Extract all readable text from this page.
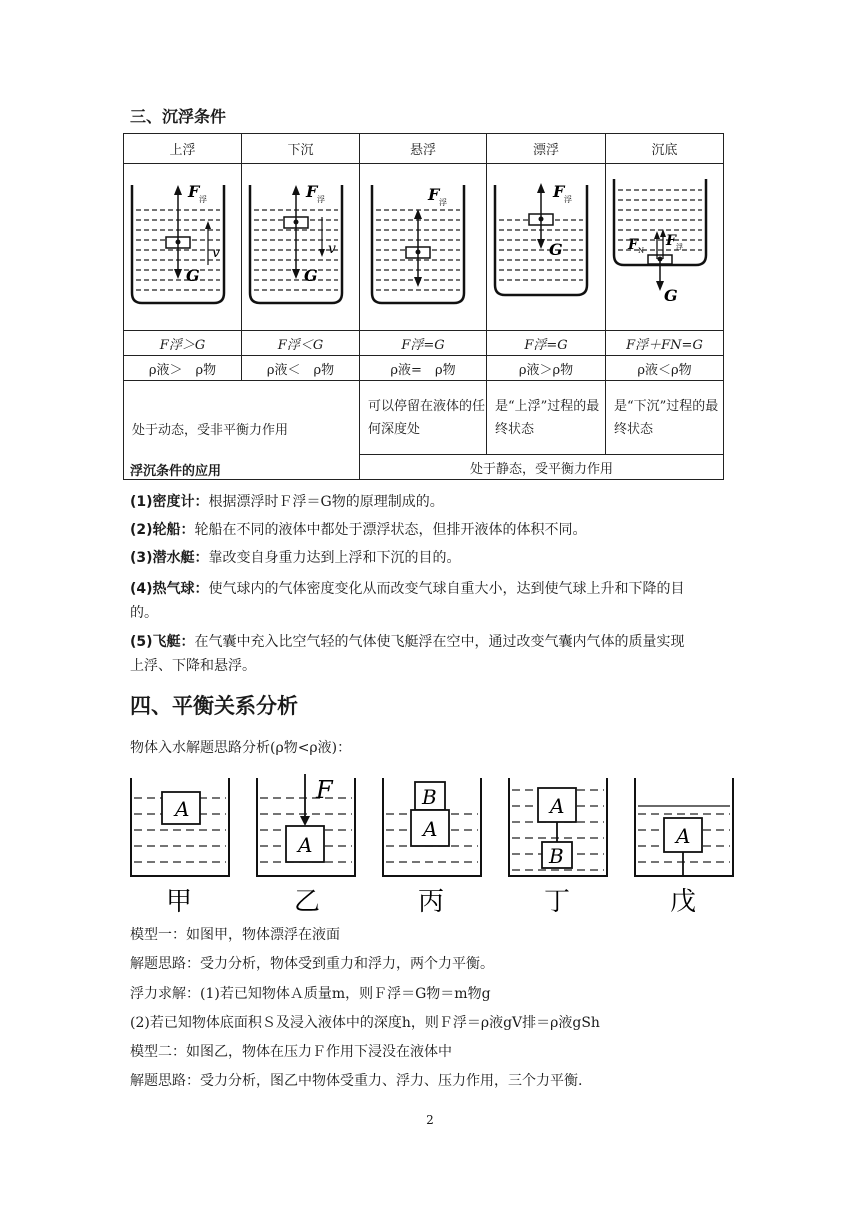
三、沉浮条件
上浮	下沉	悬浮	漂浮	沉底

F 浮
G
v	F 浮
G
v	F 浮	F 浮
G	F N
F 浮
G

F浮＞G	F浮＜G	F浮=G	F浮=G	F浮＋FN=G
ρ液＞　ρ物	ρ液＜　ρ物	ρ液=　ρ物	ρ液＞ρ物	ρ液＜ρ物
处于动态，受非平衡力作用		可以停留在液体的任何深度处	是“上浮”过程的最终状态	是“下沉”过程的最终状态
		处于静态，受平衡力作用		
浮沉条件的应用
(1)密度计：根据漂浮时Ｆ浮＝G物的原理制成的。
(2)轮船：轮船在不同的液体中都处于漂浮状态，但排开液体的体积不同。
(3)潜水艇：靠改变自身重力达到上浮和下沉的目的。
(4)热气球：使气球内的气体密度变化从而改变气球自重大小，达到使气球上升和下降的目
的。
(5)飞艇：在气囊中充入比空气轻的气体使飞艇浮在空中，通过改变气囊内气体的质量实现
上浮、下降和悬浮。
四、平衡关系分析
物体入水解题思路分析(ρ物<ρ液)：
A
甲
A
F
乙
B
A
丙
A
B
丁
A
戊
模型一：如图甲，物体漂浮在液面
解题思路：受力分析，物体受到重力和浮力，两个力平衡。
浮力求解：(1)若已知物体Ａ质量m，则Ｆ浮＝G物＝m物g
(2)若已知物体底面积Ｓ及浸入液体中的深度h，则Ｆ浮＝ρ液gV排＝ρ液gSh
模型二：如图乙，物体在压力Ｆ作用下浸没在液体中
解题思路：受力分析，图乙中物体受重力、浮力、压力作用，三个力平衡.
2
